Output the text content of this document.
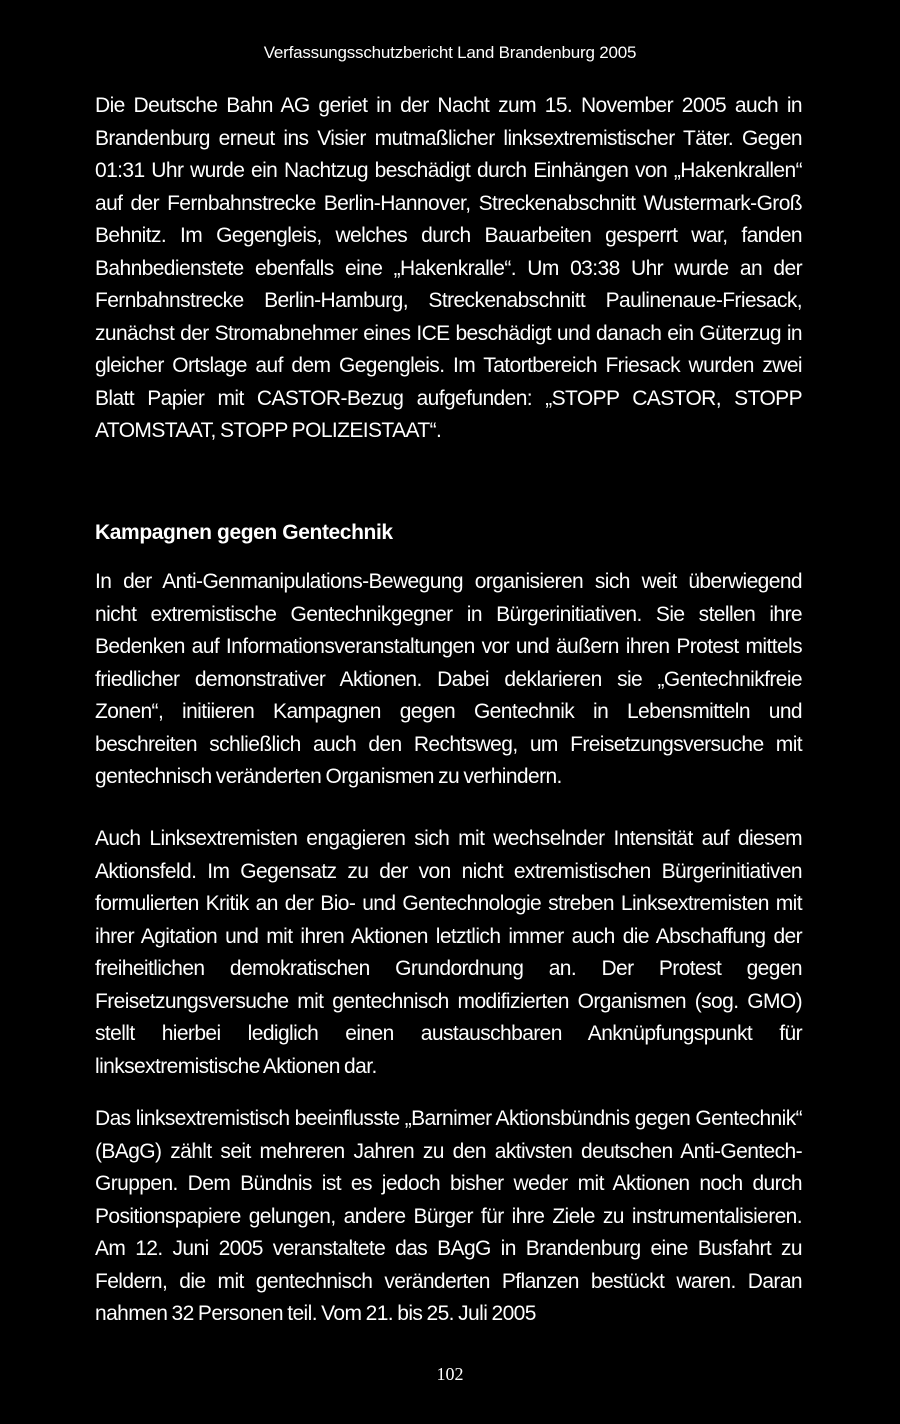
Verfassungsschutzbericht Land Brandenburg 2005

Die Deutsche Bahn AG geriet in der Nacht zum 15. November 2005 auch in Brandenburg erneut ins Visier mutmaßlicher linksextremistischer Täter. Gegen 01:31 Uhr wurde ein Nachtzug beschädigt durch Einhängen von „Hakenkrallen“ auf der Fernbahnstrecke Berlin-Hannover, Streckenabschnitt Wustermark-Groß Behnitz. Im Gegengleis, welches durch Bauarbeiten gesperrt war, fanden Bahnbedienstete ebenfalls eine „Hakenkralle“. Um 03:38 Uhr wurde an der Fernbahnstrecke Berlin-Hamburg, Streckenabschnitt Paulinenaue-Friesack, zunächst der Stromabnehmer eines ICE beschädigt und danach ein Güterzug in gleicher Ortslage auf dem Gegengleis. Im Tatortbereich Friesack wurden zwei Blatt Papier mit CASTOR-Bezug aufgefunden: „STOPP CASTOR, STOPP ATOMSTAAT, STOPP POLIZEISTAAT“.

Kampagnen gegen Gentechnik

In der Anti-Genmanipulations-Bewegung organisieren sich weit überwiegend nicht extremistische Gentechnikgegner in Bürgerinitiativen. Sie stellen ihre Bedenken auf Informationsveranstaltungen vor und äußern ihren Protest mittels friedlicher demonstrativer Aktionen. Dabei deklarieren sie „Gentechnikfreie Zonen“, initiieren Kampagnen gegen Gentechnik in Lebensmitteln und beschreiten schließlich auch den Rechtsweg, um Freisetzungsversuche mit gentechnisch veränderten Organismen zu verhindern.

Auch Linksextremisten engagieren sich mit wechselnder Intensität auf diesem Aktionsfeld. Im Gegensatz zu der von nicht extremistischen Bürgerinitiativen formulierten Kritik an der Bio- und Gentechnologie streben Linksextremisten mit ihrer Agitation und mit ihren Aktionen letztlich immer auch die Abschaffung der freiheitlichen demokratischen Grundordnung an. Der Protest gegen Freisetzungsversuche mit gentechnisch modifizierten Organismen (sog. GMO) stellt hierbei lediglich einen austauschbaren Anknüpfungspunkt für linksextremistische Aktionen dar.

Das linksextremistisch beeinflusste „Barnimer Aktionsbündnis gegen Gentechnik“ (BAgG) zählt seit mehreren Jahren zu den aktivsten deutschen Anti-Gentech-Gruppen. Dem Bündnis ist es jedoch bisher weder mit Aktionen noch durch Positionspapiere gelungen, andere Bürger für ihre Ziele zu instrumentalisieren. Am 12. Juni 2005 veranstaltete das BAgG in Brandenburg eine Busfahrt zu Feldern, die mit gentechnisch veränderten Pflanzen bestückt waren. Daran nahmen 32 Personen teil. Vom 21. bis 25. Juli 2005

102
